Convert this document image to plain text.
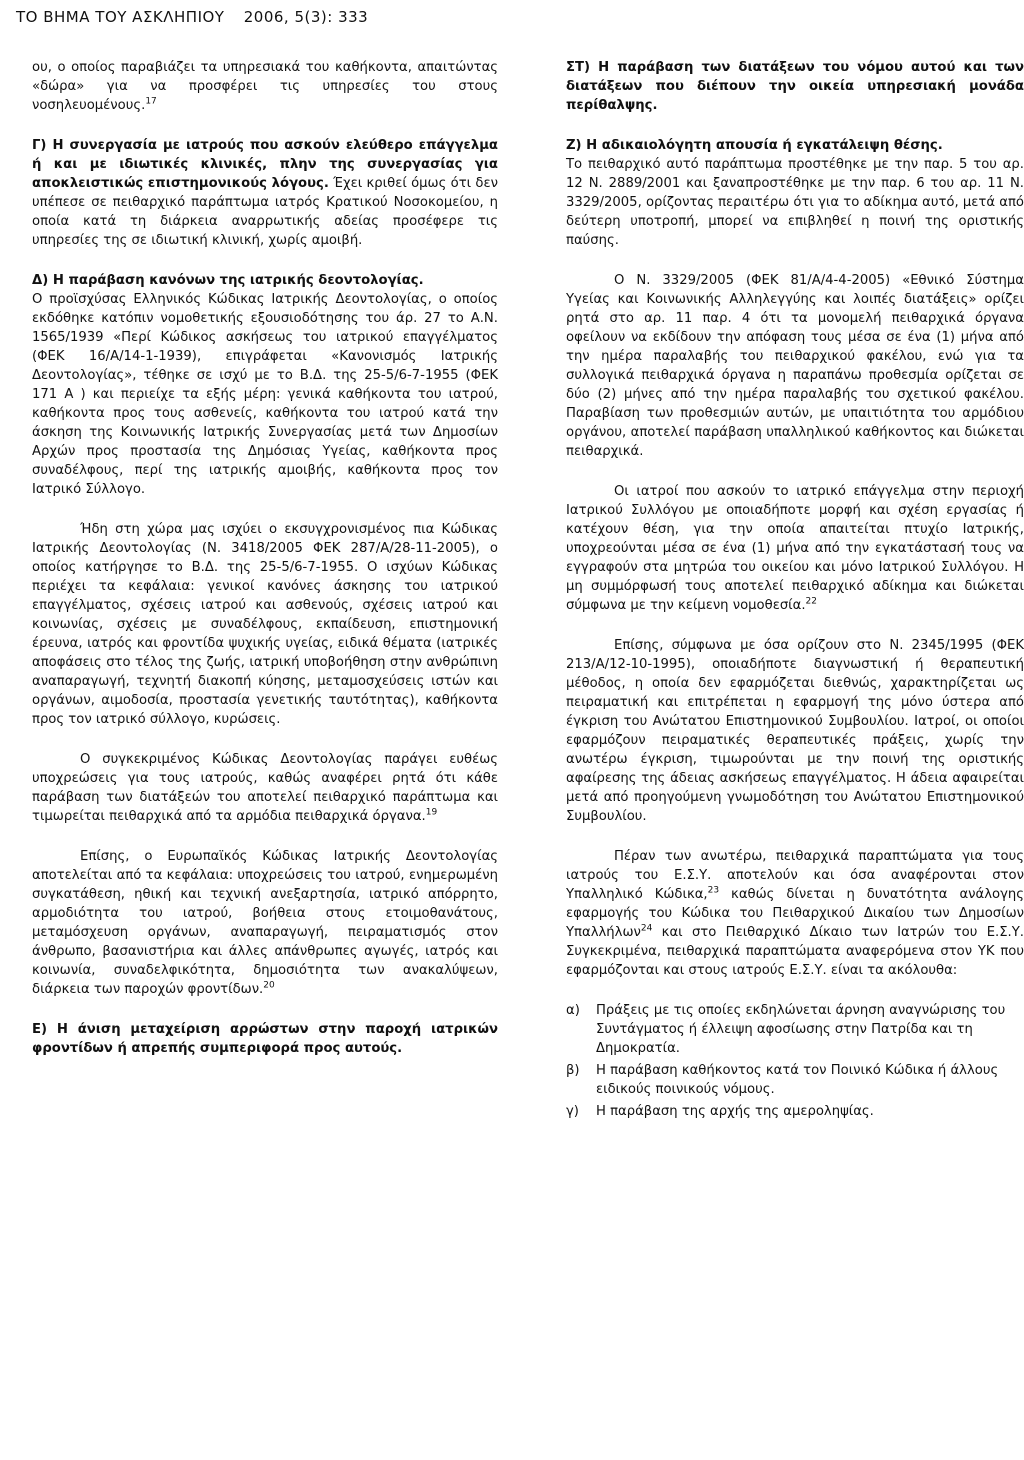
ΤΟ ΒΗΜΑ ΤΟΥ ΑΣΚΛΗΠΙΟΥ 2006, 5(3): 333

ου, ο οποίος παραβιάζει τα υπηρεσιακά του καθήκοντα, απαιτώντας «δώρα» για να προσφέρει τις υπηρεσίες του στους νοσηλευομένους.$^{17}$

Γ) Η συνεργασία με ιατρούς που ασκούν ελεύθερο επάγγελμα ή και με ιδιωτικές κλινικές, πλην της συνεργασίας για αποκλειστικώς επιστημονικούς λόγους. Έχει κριθεί όμως ότι δεν υπέπεσε σε πειθαρχικό παράπτωμα ιατρός Κρατικού Νοσοκομείου, η οποία κατά τη διάρκεια αναρρωτικής αδείας προσέφερε τις υπηρεσίες της σε ιδιωτική κλινική, χωρίς αμοιβή.

Δ) Η παράβαση κανόνων της ιατρικής δεοντολογίας.
Ο προϊσχύσας Ελληνικός Κώδικας Ιατρικής Δεοντολογίας, ο οποίος εκδόθηκε κατόπιν νομοθετικής εξουσιοδότησης του άρ. 27 το Α.Ν. 1565/1939 «Περί Κώδικος ασκήσεως του ιατρικού επαγγέλματος (ΦΕΚ 16/Α/14-1-1939), επιγράφεται «Κανονισμός Ιατρικής Δεοντολογίας», τέθηκε σε ισχύ με το Β.Δ. της 25-5/6-7-1955 (ΦΕΚ 171 Α ) και περιείχε τα εξής μέρη: γενικά καθήκοντα του ιατρού, καθήκοντα προς τους ασθενείς, καθήκοντα του ιατρού κατά την άσκηση της Κοινωνικής Ιατρικής Συνεργασίας μετά των Δημοσίων Αρχών προς προστασία της Δημόσιας Υγείας, καθήκοντα προς συναδέλφους, περί της ιατρικής αμοιβής, καθήκοντα προς τον Ιατρικό Σύλλογο.

Ήδη στη χώρα μας ισχύει ο εκσυγχρονισμένος πια Κώδικας Ιατρικής Δεοντολογίας (Ν. 3418/2005 ΦΕΚ 287/Α/28-11-2005), ο οποίος κατήργησε το Β.Δ. της 25-5/6-7-1955. Ο ισχύων Κώδικας περιέχει τα κεφάλαια: γενικοί κανόνες άσκησης του ιατρικού επαγγέλματος, σχέσεις ιατρού και ασθενούς, σχέσεις ιατρού και κοινωνίας, σχέσεις με συναδέλφους, εκπαίδευση, επιστημονική έρευνα, ιατρός και φροντίδα ψυχικής υγείας, ειδικά θέματα (ιατρικές αποφάσεις στο τέλος της ζωής, ιατρική υποβοήθηση στην ανθρώπινη αναπαραγωγή, τεχνητή διακοπή κύησης, μεταμοσχεύσεις ιστών και οργάνων, αιμοδοσία, προστασία γενετικής ταυτότητας), καθήκοντα προς τον ιατρικό σύλλογο, κυρώσεις.

Ο συγκεκριμένος Κώδικας Δεοντολογίας παράγει ευθέως υποχρεώσεις για τους ιατρούς, καθώς αναφέρει ρητά ότι κάθε παράβαση των διατάξεών του αποτελεί πειθαρχικό παράπτωμα και τιμωρείται πειθαρχικά από τα αρμόδια πειθαρχικά όργανα.$^{19}$

Επίσης, ο Ευρωπαϊκός Κώδικας Ιατρικής Δεοντολογίας αποτελείται από τα κεφάλαια: υποχρεώσεις του ιατρού, ενημερωμένη συγκατάθεση, ηθική και τεχνική ανεξαρτησία, ιατρικό απόρρητο, αρμοδιότητα του ιατρού, βοήθεια στους ετοιμοθανάτους, μεταμόσχευση οργάνων, αναπαραγωγή, πειραματισμός στον άνθρωπο, βασανιστήρια και άλλες απάνθρωπες αγωγές, ιατρός και κοινωνία, συναδελφικότητα, δημοσιότητα των ανακαλύψεων, διάρκεια των παροχών φροντίδων.$^{20}$

Ε) Η άνιση μεταχείριση αρρώστων στην παροχή ιατρικών φροντίδων ή απρεπής συμπεριφορά προς αυτούς.

ΣΤ) Η παράβαση των διατάξεων του νόμου αυτού και των διατάξεων που διέπουν την οικεία υπηρεσιακή μονάδα περίθαλψης.

Ζ) Η αδικαιολόγητη απουσία ή εγκατάλειψη θέσης.
Το πειθαρχικό αυτό παράπτωμα προστέθηκε με την παρ. 5 του αρ. 12 Ν. 2889/2001 και ξαναπροστέθηκε με την παρ. 6 του αρ. 11 Ν. 3329/2005, ορίζοντας περαιτέρω ότι για το αδίκημα αυτό, μετά από δεύτερη υποτροπή, μπορεί να επιβληθεί η ποινή της οριστικής παύσης.

Ο Ν. 3329/2005 (ΦΕΚ 81/Α/4-4-2005) «Εθνικό Σύστημα Υγείας και Κοινωνικής Αλληλεγγύης και λοιπές διατάξεις» ορίζει ρητά στο αρ. 11 παρ. 4 ότι τα μονομελή πειθαρχικά όργανα οφείλουν να εκδίδουν την απόφαση τους μέσα σε ένα (1) μήνα από την ημέρα παραλαβής του πειθαρχικού φακέλου, ενώ για τα συλλογικά πειθαρχικά όργανα η παραπάνω προθεσμία ορίζεται σε δύο (2) μήνες από την ημέρα παραλαβής του σχετικού φακέλου. Παραβίαση των προθεσμιών αυτών, με υπαιτιότητα του αρμόδιου οργάνου, αποτελεί παράβαση υπαλληλικού καθήκοντος και διώκεται πειθαρχικά.

Οι ιατροί που ασκούν το ιατρικό επάγγελμα στην περιοχή Ιατρικού Συλλόγου με οποιαδήποτε μορφή και σχέση εργασίας ή κατέχουν θέση, για την οποία απαιτείται πτυχίο Ιατρικής, υποχρεούνται μέσα σε ένα (1) μήνα από την εγκατάστασή τους να εγγραφούν στα μητρώα του οικείου και μόνο Ιατρικού Συλλόγου. Η μη συμμόρφωσή τους αποτελεί πειθαρχικό αδίκημα και διώκεται σύμφωνα με την κείμενη νομοθεσία.$^{22}$

Επίσης, σύμφωνα με όσα ορίζουν στο Ν. 2345/1995 (ΦΕΚ 213/Α/12-10-1995), οποιαδήποτε διαγνωστική ή θεραπευτική μέθοδος, η οποία δεν εφαρμόζεται διεθνώς, χαρακτηρίζεται ως πειραματική και επιτρέπεται η εφαρμογή της μόνο ύστερα από έγκριση του Ανώτατου Επιστημονικού Συμβουλίου. Ιατροί, οι οποίοι εφαρμόζουν πειραματικές θεραπευτικές πράξεις, χωρίς την ανωτέρω έγκριση, τιμωρούνται με την ποινή της οριστικής αφαίρεσης της άδειας ασκήσεως επαγγέλματος. Η άδεια αφαιρείται μετά από προηγούμενη γνωμοδότηση του Ανώτατου Επιστημονικού Συμβουλίου.

Πέραν των ανωτέρω, πειθαρχικά παραπτώματα για τους ιατρούς του Ε.Σ.Υ. αποτελούν και όσα αναφέρονται στον Υπαλληλικό Κώδικα,$^{23}$ καθώς δίνεται η δυνατότητα ανάλογης εφαρμογής του Κώδικα του Πειθαρχικού Δικαίου των Δημοσίων Υπαλλήλων$^{24}$ και στο Πειθαρχικό Δίκαιο των Ιατρών του Ε.Σ.Υ. Συγκεκριμένα, πειθαρχικά παραπτώματα αναφερόμενα στον ΥΚ που εφαρμόζονται και στους ιατρούς Ε.Σ.Υ. είναι τα ακόλουθα:

α)	Πράξεις με τις οποίες εκδηλώνεται άρνηση αναγνώρισης του Συντάγματος ή έλλειψη αφοσίωσης στην Πατρίδα και τη Δημοκρατία.
β)	Η παράβαση καθήκοντος κατά τον Ποινικό Κώδικα ή άλλους ειδικούς ποινικούς νόμους.
γ)	Η παράβαση της αρχής της αμεροληψίας.
